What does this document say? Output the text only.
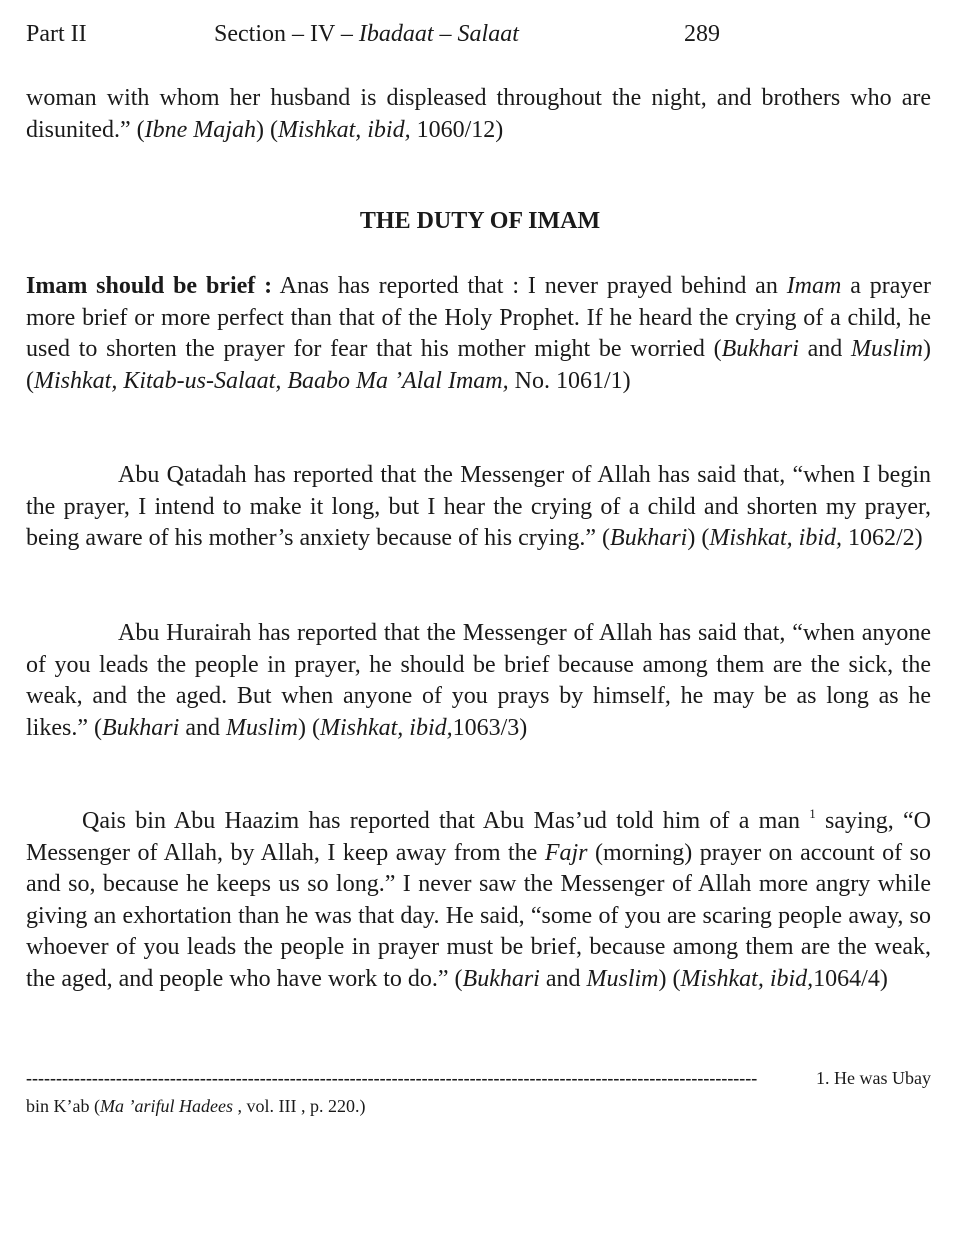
Part II	Section – IV – Ibadaat – Salaat	289
woman with whom her husband is displeased throughout the night, and brothers who are disunited.” (Ibne Majah) (Mishkat, ibid, 1060/12)
THE DUTY OF IMAM
Imam should be brief : Anas has reported that : I never prayed behind an Imam a prayer more brief or more perfect than that of the Holy Prophet. If he heard the crying of a child, he used to shorten the prayer for fear that his mother might be worried (Bukhari and Muslim) (Mishkat, Kitab-us-Salaat, Baabo Ma ’Alal Imam, No. 1061/1)
Abu Qatadah has reported that the Messenger of Allah has said that, “when I begin the prayer, I intend to make it long, but I hear the crying of a child and shorten my prayer, being aware of his mother’s anxiety because of his crying.” (Bukhari) (Mishkat, ibid, 1062/2)
Abu Hurairah has reported that the Messenger of Allah has said that, “when anyone of you leads the people in prayer, he should be brief because among them are the sick, the weak, and the aged. But when anyone of you prays by himself, he may be as long as he likes.” (Bukhari and Muslim) (Mishkat, ibid,1063/3)
Qais bin Abu Haazim has reported that Abu Mas’ud told him of a man $^1$ saying, “O Messenger of Allah, by Allah, I keep away from the Fajr (morning) prayer on account of so and so, because he keeps us so long.” I never saw the Messenger of Allah more angry while giving an exhortation than he was that day. He said, “some of you are scaring people away, so whoever of you leads the people in prayer must be brief, because among them are the weak, the aged, and people who have work to do.” (Bukhari and Muslim) (Mishkat, ibid,1064/4)
--------------------------------------------------------------------------------------------------------------------------	1. He was Ubay
bin K’ab (Ma ’ariful Hadees , vol. III , p. 220.)
